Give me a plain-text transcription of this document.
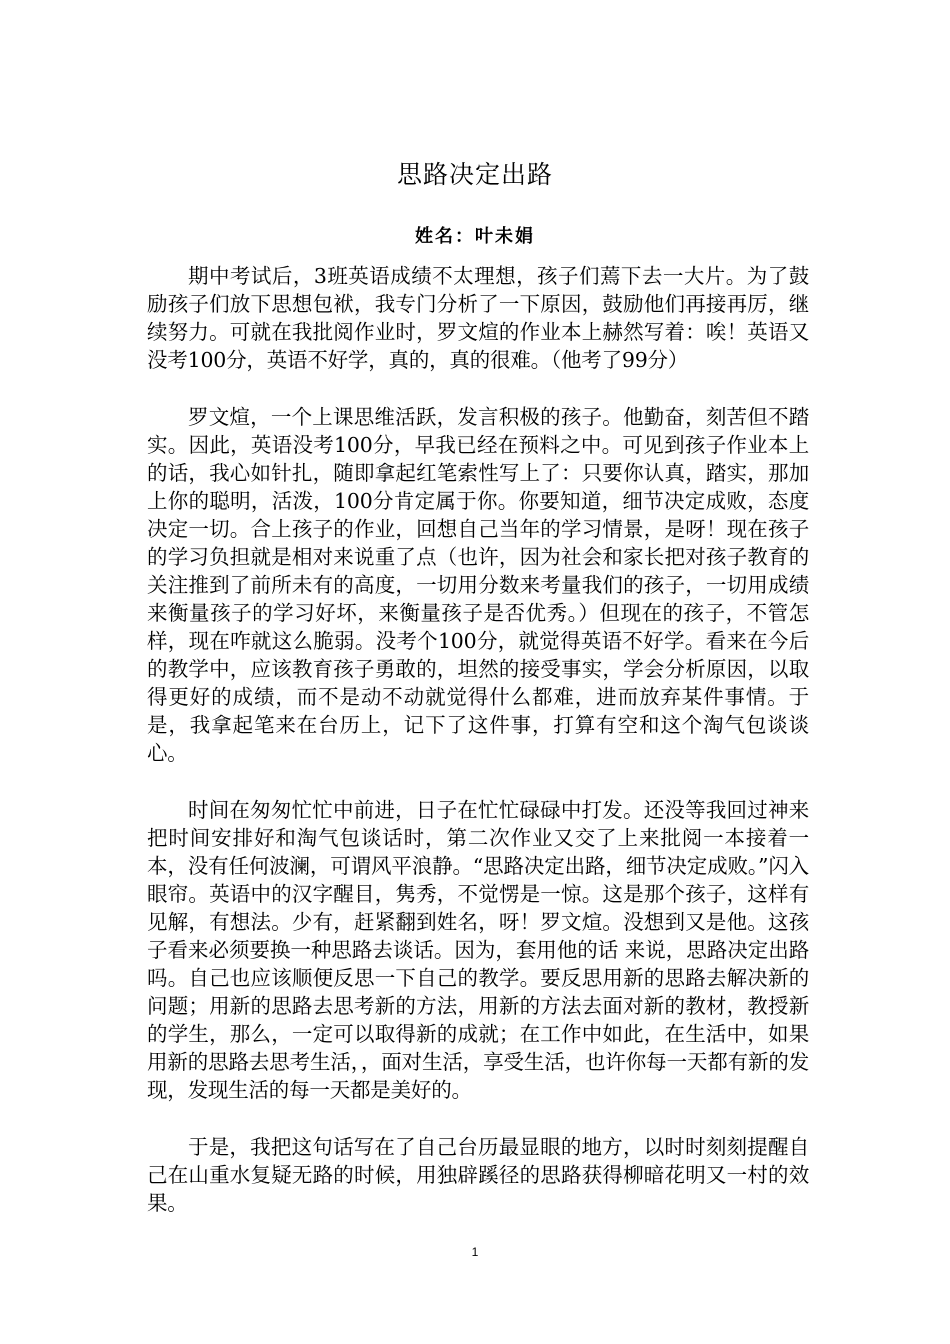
思路决定出路
姓名：叶未娟

期中考试后，3班英语成绩不太理想，孩子们蔫下去一大片。为了鼓励孩子们放下思想包袱，我专门分析了一下原因，鼓励他们再接再厉，继续努力。可就在我批阅作业时，罗文煊的作业本上赫然写着：唉！英语又没考100分，英语不好学，真的，真的很难。（他考了99分）

罗文煊，一个上课思维活跃，发言积极的孩子。他勤奋，刻苦但不踏实。因此，英语没考100分，早我已经在预料之中。可见到孩子作业本上的话，我心如针扎，随即拿起红笔索性写上了：只要你认真，踏实，那加上你的聪明，活泼，100分肯定属于你。你要知道，细节决定成败，态度决定一切。合上孩子的作业，回想自己当年的学习情景，是呀！现在孩子的学习负担就是相对来说重了点（也许，因为社会和家长把对孩子教育的关注推到了前所未有的高度，一切用分数来考量我们的孩子，一切用成绩来衡量孩子的学习好坏，来衡量孩子是否优秀。）但现在的孩子，不管怎样，现在咋就这么脆弱。没考个100分，就觉得英语不好学。看来在今后的教学中，应该教育孩子勇敢的，坦然的接受事实，学会分析原因，以取得更好的成绩，而不是动不动就觉得什么都难，进而放弃某件事情。于是，我拿起笔来在台历上，记下了这件事，打算有空和这个淘气包谈谈心。

时间在匆匆忙忙中前进，日子在忙忙碌碌中打发。还没等我回过神来把时间安排好和淘气包谈话时，第二次作业又交了上来批阅一本接着一本，没有任何波澜，可谓风平浪静。“思路决定出路，细节决定成败。”闪入眼帘。英语中的汉字醒目，隽秀，不觉愣是一惊。这是那个孩子，这样有见解，有想法。少有，赶紧翻到姓名，呀！罗文煊。没想到又是他。这孩子看来必须要换一种思路去谈话。因为，套用他的话 来说，思路决定出路吗。自己也应该顺便反思一下自己的教学。要反思用新的思路去解决新的问题；用新的思路去思考新的方法，用新的方法去面对新的教材，教授新的学生，那么，一定可以取得新的成就；在工作中如此，在生活中，如果用新的思路去思考生活，，面对生活，享受生活，也许你每一天都有新的发现，发现生活的每一天都是美好的。

于是，我把这句话写在了自己台历最显眼的地方，以时时刻刻提醒自己在山重水复疑无路的时候，用独辟蹊径的思路获得柳暗花明又一村的效果。

1
